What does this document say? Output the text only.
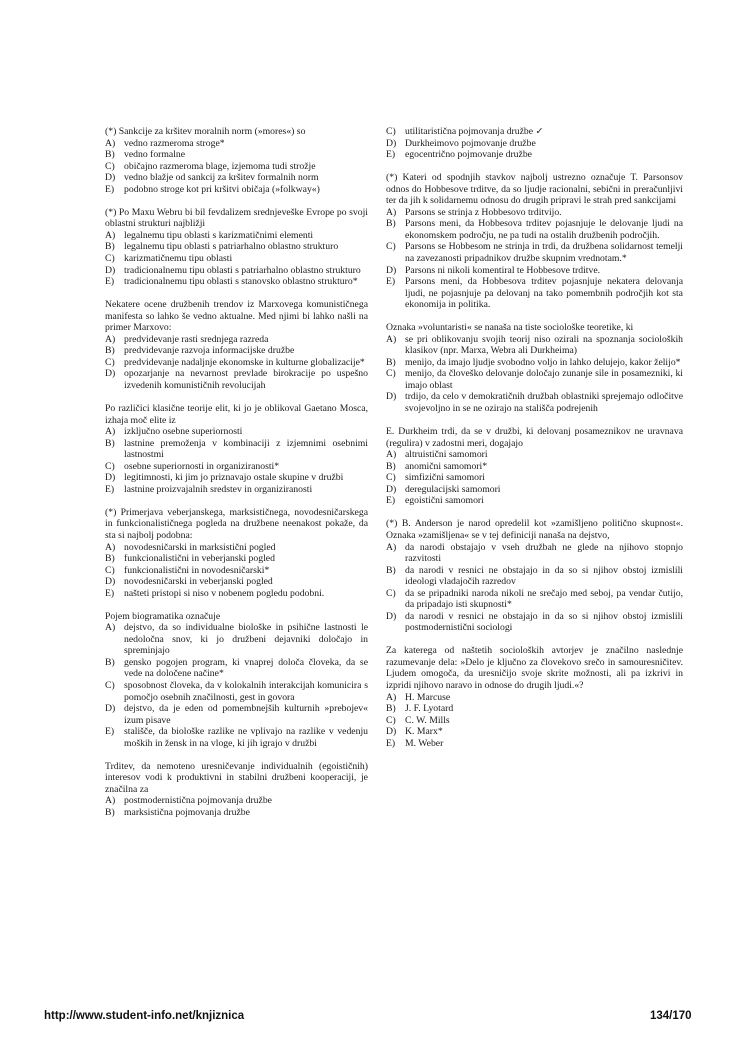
(*) Sankcije za kršitev moralnih norm (»mores«) so
A) vedno razmeroma stroge*
B) vedno formalne
C) običajno razmeroma blage, izjemoma tudi strožje
D) vedno blažje od sankcij za kršitev formalnih norm
E)	podobno stroge kot pri kršitvi običaja (»folkway«)
(*) Po Maxu Webru bi bil fevdalizem srednjeveške Evrope po svoji oblastni strukturi najbližji
A) legalnemu tipu oblasti s karizmatičnimi elementi
B) legalnemu tipu oblasti s patriarhalno oblastno strukturo
C) karizmatičnemu tipu oblasti
D) tradicionalnemu tipu oblasti s patriarhalno oblastno strukturo
E)	tradicionalnemu tipu oblasti s stanovsko oblastno strukturo*
Nekatere ocene družbenih trendov iz Marxovega komunističnega manifesta so lahko še vedno aktualne. Med njimi bi lahko našli na primer Marxovo:
A) predvidevanje rasti srednjega razreda
B) predvidevanje razvoja informacijske družbe
C) predvidevanje nadaljnje ekonomske in kulturne globalizacije*
D) opozarjanje na nevarnost prevlade birokracije po uspešno izvedenih komunističnih revolucijah
Po različici klasične teorije elit, ki jo je oblikoval Gaetano Mosca, izhaja moč elite iz
A) izključno osebne superiornosti
B) lastnine premoženja v kombinaciji z izjemnimi osebnimi lastnostmi
C) osebne superiornosti in organiziranosti*
D) legitimnosti, ki jim jo priznavajo ostale skupine v družbi
E)	lastnine proizvajalnih sredstev in organiziranosti
(*) Primerjava veberjanskega, marksističnega, novodesničarskega in funkcionalističnega pogleda na družbene neenakost pokaže, da sta si najbolj podobna:
A) novodesničarski in marksistični pogled
B) funkcionalistični in veberjanski pogled
C) funkcionalistični in novodesničarski*
D) novodesničarski in veberjanski pogled
E)	našteti pristopi si niso v nobenem pogledu podobni.
Pojem biogramatika označuje
A) dejstvo, da so individualne biološke in psihične lastnosti le nedoločna snov, ki jo družbeni dejavniki določajo in spreminjajo
B) gensko pogojen program, ki vnaprej določa človeka, da se vede na določene načine*
C) sposobnost človeka, da v kolokalnih interakcijah komunicira s pomočjo osebnih značilnosti, gest in govora
D) dejstvo, da je eden od pomembnejših kulturnih »prebojev« izum pisave
E)	stališče, da biološke razlike ne vplivajo na razlike v vedenju moških in žensk in na vloge, ki jih igrajo v družbi
Trditev, da nemoteno uresničevanje individualnih (egoističnih) interesov vodi k produktivni in stabilni družbeni kooperaciji, je značilna za
A) postmodernistična pojmovanja družbe
B) marksistična pojmovanja družbe
C) utilitaristična pojmovanja družbe ✓
D) Durkheimovo pojmovanje družbe
E)	egocentrično pojmovanje družbe
(*) Kateri od spodnjih stavkov najbolj ustrezno označuje T. Parsonsov odnos do Hobbesove trditve, da so ljudje racionalni, sebični in preračunljivi ter da jih k solidarnemu odnosu do drugih pripravi le strah pred sankcijami
A) Parsons se strinja z Hobbesovo trditvijo.
B) Parsons meni, da Hobbesova trditev pojasnjuje le delovanje ljudi na ekonomskem področju, ne pa tudi na ostalih družbenih področjih.
C) Parsons se Hobbesom ne strinja in trdi, da družbena solidarnost temelji na zavezanosti pripadnikov družbe skupnim vrednotam.*
D) Parsons ni nikoli komentiral te Hobbesove trditve.
E)	Parsons meni, da Hobbesova trditev pojasnjuje nekatera delovanja ljudi, ne pojasnjuje pa delovanj na tako pomembnih področjih kot sta ekonomija in politika.
Oznaka »voluntaristi« se nanaša na tiste sociološke teoretike, ki
A) se pri oblikovanju svojih teorij niso ozirali na spoznanja socioloških klasikov (npr. Marxa, Webra ali Durkheima)
B) menijo, da imajo ljudje svobodno voljo in lahko delujejo, kakor želijo*
C) menijo, da človeško delovanje določajo zunanje sile in posamezniki, ki imajo oblast
D) trdijo, da celo v demokratičnih družbah oblastniki sprejemajo odločitve svojevoljno in se ne ozirajo na stališča podrejenih
E. Durkheim trdi, da se v družbi, ki delovanj posameznikov ne uravnava (regulira) v zadostni meri, dogajajo
A) altruistični samomori
B) anomični samomori*
C) simfizični samomori
D) deregulacijski samomori
E)	egoistični samomori
(*) B. Anderson je narod opredelil kot »zamišljeno politično skupnost«. Oznaka »zamišljena« se v tej definiciji nanaša na dejstvo,
A) da narodi obstajajo v vseh družbah ne glede na njihovo stopnjo razvitosti
B) da narodi v resnici ne obstajajo in da so si njihov obstoj izmislili ideologi vladajočih razredov
C) da se pripadniki naroda nikoli ne srečajo med seboj, pa vendar čutijo, da pripadajo isti skupnosti*
D) da narodi v resnici ne obstajajo in da so si njihov obstoj izmislili postmodernistični sociologi
Za katerega od naštetih socioloških avtorjev je značilno naslednje razumevanje dela: »Delo je ključno za človekovo srečo in samouresničitev. Ljudem omogoča, da uresničijo svoje skrite možnosti, ali pa izkrivi in izpridi njihovo naravo in odnose do drugih ljudi.«?
A) H. Marcuse
B) J. F. Lyotard
C) C. W. Mills
D) K. Marx*
E)	M. Weber
http://www.student-info.net/knjiznica	134/170
